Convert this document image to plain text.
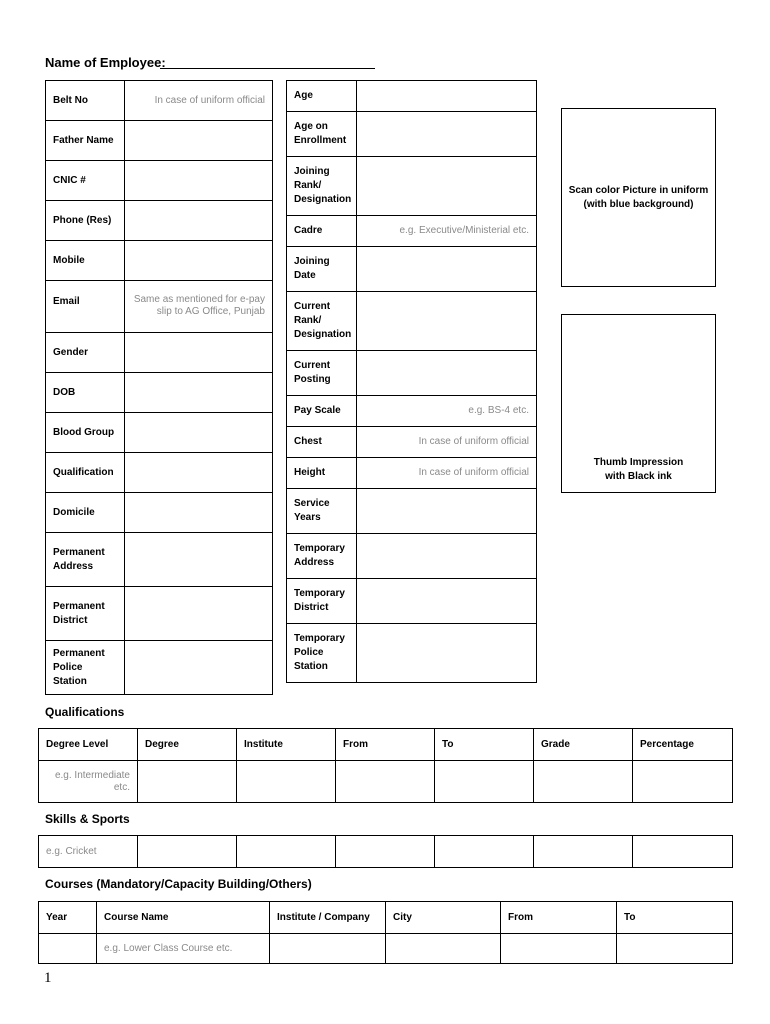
Name of Employee:
Belt No	In case of uniform official
Father Name	
CNIC #	
Phone (Res)	
Mobile	
Email	Same as mentioned for e-pay slip to AG Office, Punjab
Gender	
DOB	
Blood Group	
Qualification	
Domicile	
Permanent Address	
Permanent District	
Permanent Police Station	
Age	
Age on Enrollment	
Joining Rank/ Designation	
Cadre	e.g. Executive/Ministerial etc.
Joining Date	
Current Rank/ Designation	
Current Posting	
Pay Scale	e.g. BS-4 etc.
Chest	In case of uniform official
Height	In case of uniform official
Service Years	
Temporary Address	
Temporary District	
Temporary Police Station	
Scan color Picture in uniform
(with blue background)
Thumb Impression
with Black ink
Qualifications
Degree Level	Degree	Institute	From	To	Grade	Percentage
e.g. Intermediate etc.						
Skills & Sports
e.g. Cricket						
Courses (Mandatory/Capacity Building/Others)
Year	Course Name	Institute / Company	City	From	To
	e.g. Lower Class Course etc.				
1
